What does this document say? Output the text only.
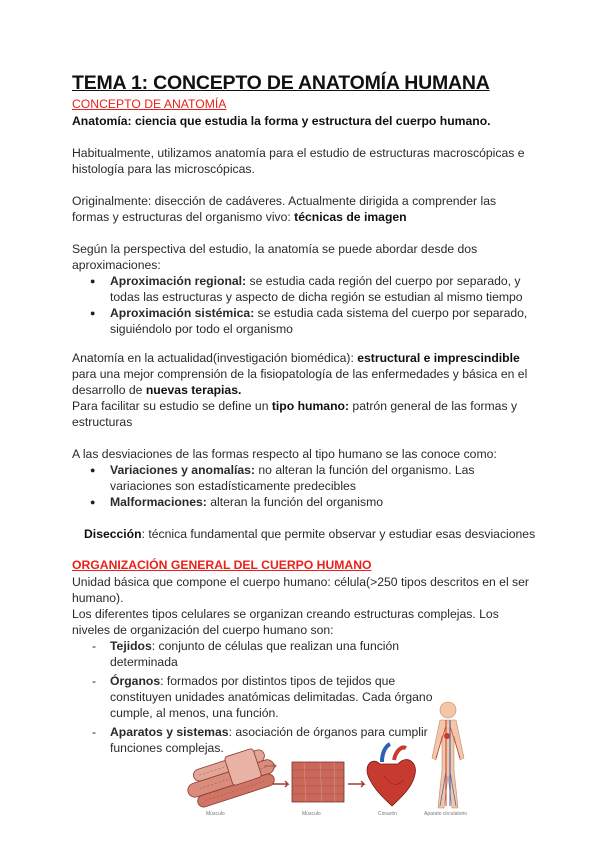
TEMA 1: CONCEPTO DE ANATOMÍA HUMANA
CONCEPTO DE ANATOMÍA

Anatomía: ciencia que estudia la forma y estructura del cuerpo humano.

Habitualmente, utilizamos anatomía para el estudio de estructuras macroscópicas e histología para las microscópicas.

Originalmente: disección de cadáveres. Actualmente dirigida a comprender las formas y estructuras del organismo vivo: técnicas de imagen

Según la perspectiva del estudio, la anatomía se puede abordar desde dos aproximaciones:

● Aproximación regional: se estudia cada región del cuerpo por separado, y todas las estructuras y aspecto de dicha región se estudian al mismo tiempo
● Aproximación sistémica: se estudia cada sistema del cuerpo por separado, siguiéndolo por todo el organismo

Anatomía en la actualidad(investigación biomédica): estructural e imprescindible para una mejor comprensión de la fisiopatología de las enfermedades y básica en el desarrollo de nuevas terapias.

Para facilitar su estudio se define un tipo humano: patrón general de las formas y estructuras

A las desviaciones de las formas respecto al tipo humano se las conoce como:

● Variaciones y anomalías: no alteran la función del organismo. Las variaciones son estadísticamente predecibles
● Malformaciones: alteran la función del organismo

Disección: técnica fundamental que permite observar y estudiar esas desviaciones

ORGANIZACIÓN GENERAL DEL CUERPO HUMANO

Unidad básica que compone el cuerpo humano: célula(>250 tipos descritos en el ser humano).

Los diferentes tipos celulares se organizan creando estructuras complejas. Los niveles de organización del cuerpo humano son:

- Tejidos: conjunto de células que realizan una función determinada
- Órganos: formados por distintos tipos de tejidos que constituyen unidades anatómicas delimitadas. Cada órgano cumple, al menos, una función.
- Aparatos y sistemas: asociación de órganos para cumplir funciones complejas.
Músculo	Músculo	Corazón	Aparato circulatorio
